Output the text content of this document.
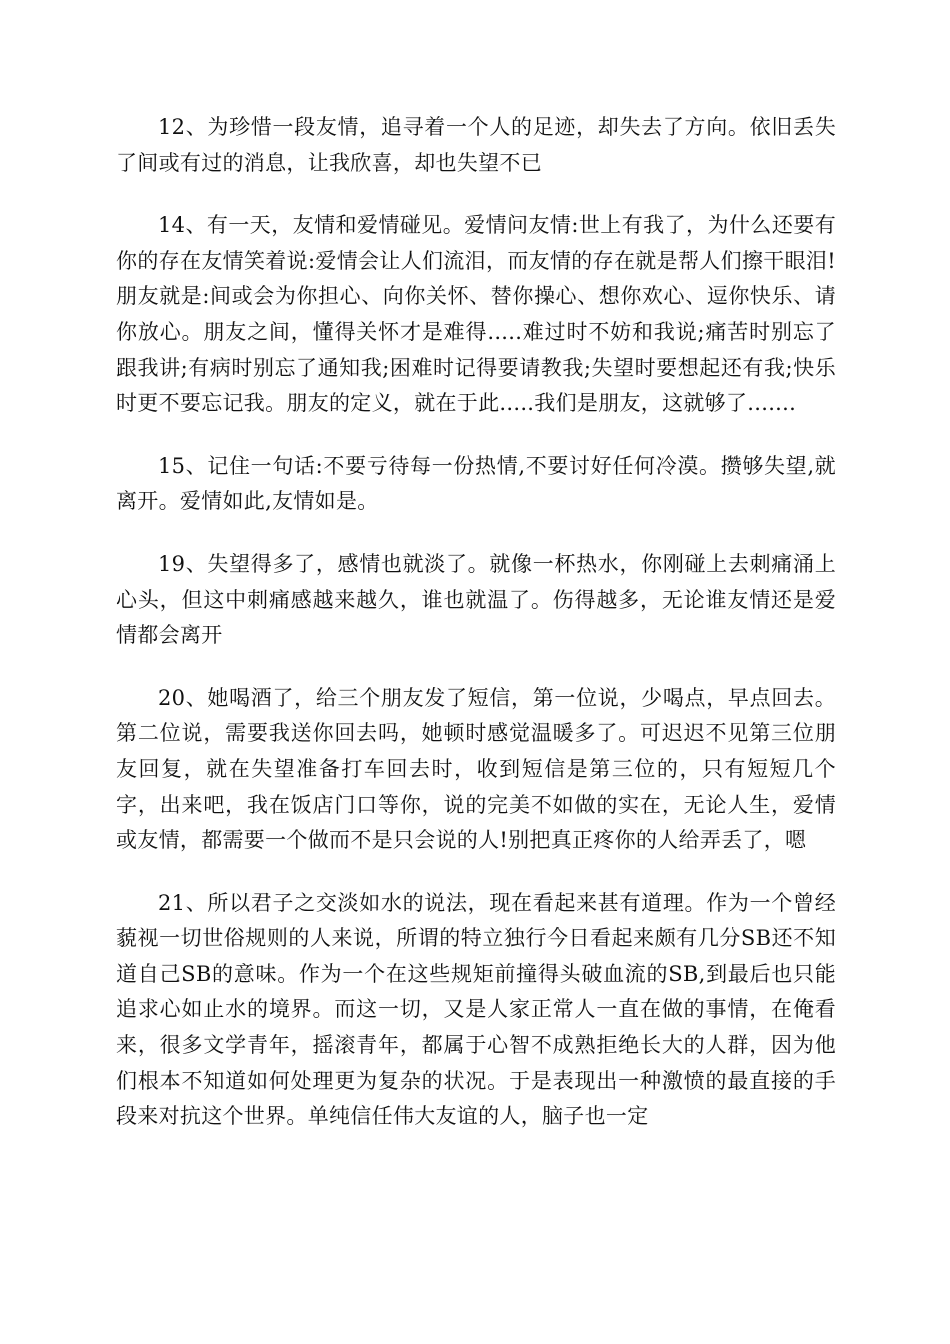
12、为珍惜一段友情，追寻着一个人的足迹，却失去了方向。依旧丢失了间或有过的消息，让我欣喜，却也失望不已

14、有一天，友情和爱情碰见。爱情问友情:世上有我了，为什么还要有你的存在友情笑着说:爱情会让人们流泪，而友情的存在就是帮人们擦干眼泪!朋友就是:间或会为你担心、向你关怀、替你操心、想你欢心、逗你快乐、请你放心。朋友之间，懂得关怀才是难得.....难过时不妨和我说;痛苦时别忘了跟我讲;有病时别忘了通知我;困难时记得要请教我;失望时要想起还有我;快乐时更不要忘记我。朋友的定义，就在于此.....我们是朋友，这就够了.......

15、记住一句话:不要亏待每一份热情,不要讨好任何冷漠。攒够失望,就离开。爱情如此,友情如是。

19、失望得多了，感情也就淡了。就像一杯热水，你刚碰上去刺痛涌上心头，但这中刺痛感越来越久，谁也就温了。伤得越多，无论谁友情还是爱情都会离开

20、她喝酒了，给三个朋友发了短信，第一位说，少喝点，早点回去。第二位说，需要我送你回去吗，她顿时感觉温暖多了。可迟迟不见第三位朋友回复，就在失望准备打车回去时，收到短信是第三位的，只有短短几个字，出来吧，我在饭店门口等你，说的完美不如做的实在，无论人生，爱情或友情，都需要一个做而不是只会说的人!别把真正疼你的人给弄丢了，嗯

21、所以君子之交淡如水的说法，现在看起来甚有道理。作为一个曾经藐视一切世俗规则的人来说，所谓的特立独行今日看起来颇有几分SB还不知道自己SB的意味。作为一个在这些规矩前撞得头破血流的SB,到最后也只能追求心如止水的境界。而这一切，又是人家正常人一直在做的事情，在俺看来，很多文学青年，摇滚青年，都属于心智不成熟拒绝长大的人群，因为他们根本不知道如何处理更为复杂的状况。于是表现出一种激愤的最直接的手段来对抗这个世界。单纯信任伟大友谊的人，脑子也一定
